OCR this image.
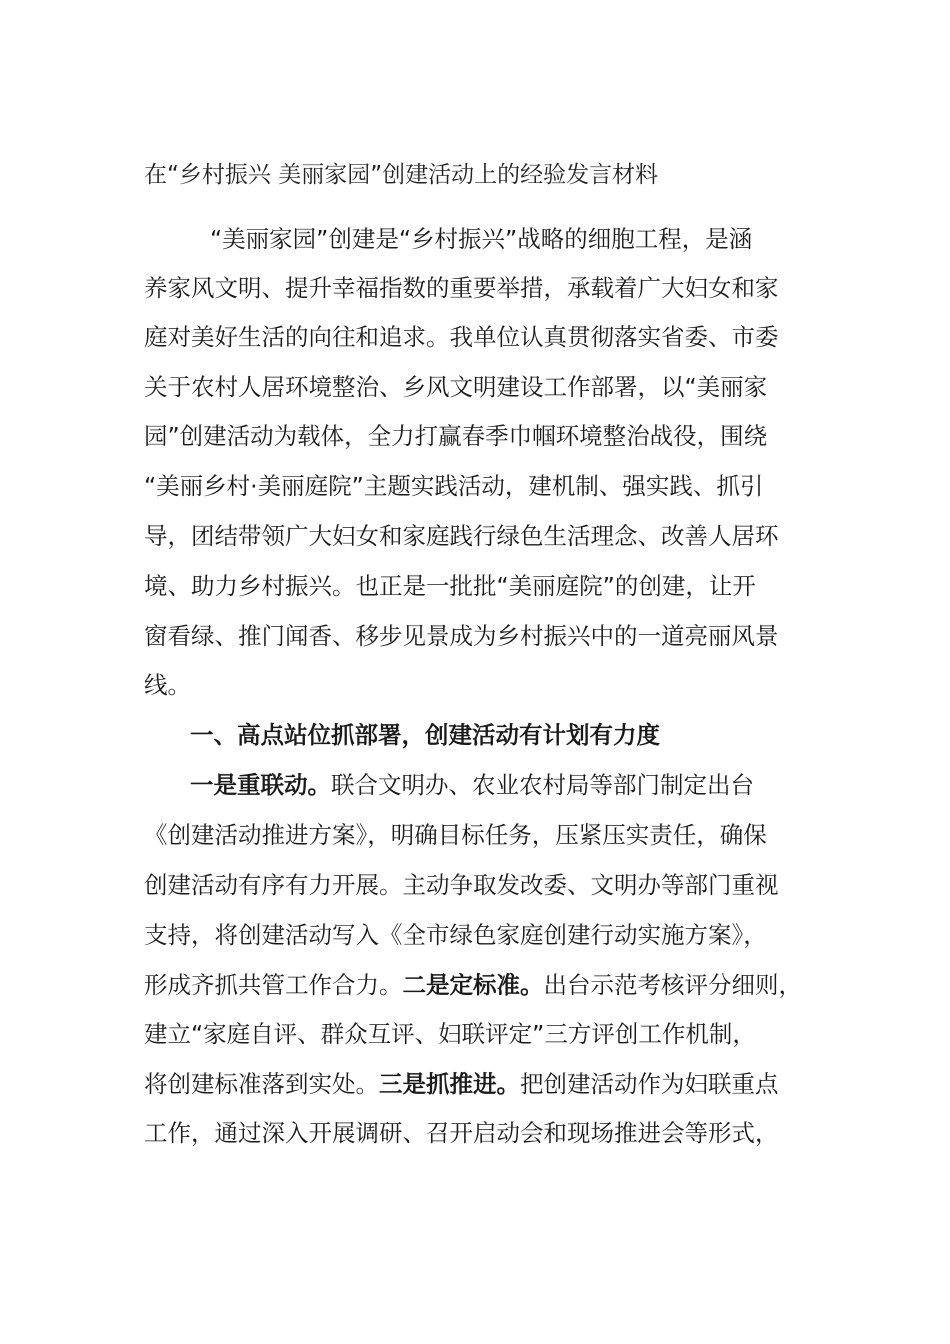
在“乡村振兴 美丽家园”创建活动上的经验发言材料
“美丽家园”创建是“乡村振兴”战略的细胞工程，是涵
养家风文明、提升幸福指数的重要举措，承载着广大妇女和家
庭对美好生活的向往和追求。我单位认真贯彻落实省委、市委
关于农村人居环境整治、乡风文明建设工作部署，以“美丽家
园”创建活动为载体，全力打赢春季巾帼环境整治战役，围绕
“美丽乡村·美丽庭院”主题实践活动，建机制、强实践、抓引
导，团结带领广大妇女和家庭践行绿色生活理念、改善人居环
境、助力乡村振兴。也正是一批批“美丽庭院”的创建，让开
窗看绿、推门闻香、移步见景成为乡村振兴中的一道亮丽风景
线。
一、高点站位抓部署，创建活动有计划有力度
一是重联动。联合文明办、农业农村局等部门制定出台
《创建活动推进方案》，明确目标任务，压紧压实责任，确保
创建活动有序有力开展。主动争取发改委、文明办等部门重视
支持，将创建活动写入《全市绿色家庭创建行动实施方案》，
形成齐抓共管工作合力。二是定标准。出台示范考核评分细则，
建立“家庭自评、群众互评、妇联评定”三方评创工作机制，
将创建标准落到实处。三是抓推进。把创建活动作为妇联重点
工作，通过深入开展调研、召开启动会和现场推进会等形式，
